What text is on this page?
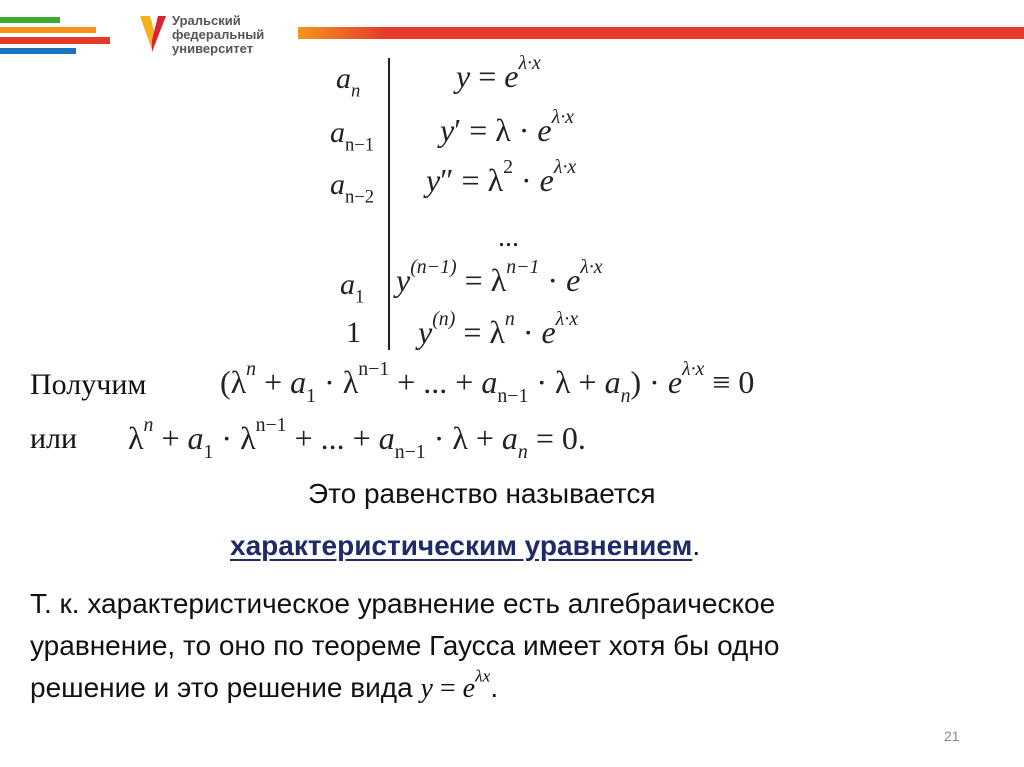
Уральский
федеральный
университет
$a_n$	$y = e^{\lambda\cdot x}$
$a_{n-1}$ $y' = \lambda \cdot e^{\lambda\cdot x}$
$a_{n-2}$ $y'' = \lambda^2 \cdot e^{\lambda\cdot x}$
...
$a_1$ $y^{(n-1)} = \lambda^{n-1} \cdot e^{\lambda\cdot x}$
1 $y^{(n)} = \lambda^n \cdot e^{\lambda\cdot x}$
Получим ($\lambda^n + a_1 \cdot \lambda^{n-1}$ + ... + $a_{n-1} \cdot \lambda + a_n) \cdot e^{\lambda\cdot x} \equiv 0$
или $\lambda^n + a_1 \cdot \lambda^{n-1}$ + ... + $a_{n-1} \cdot \lambda + a_n = 0$.
Это равенство называется
характеристическим уравнением.
Т. к. характеристическое уравнение есть алгебраическое
уравнение, то оно по теореме Гаусса имеет хотя бы одно
решение и это решение вида $y = e^{\lambda x}$.
21
